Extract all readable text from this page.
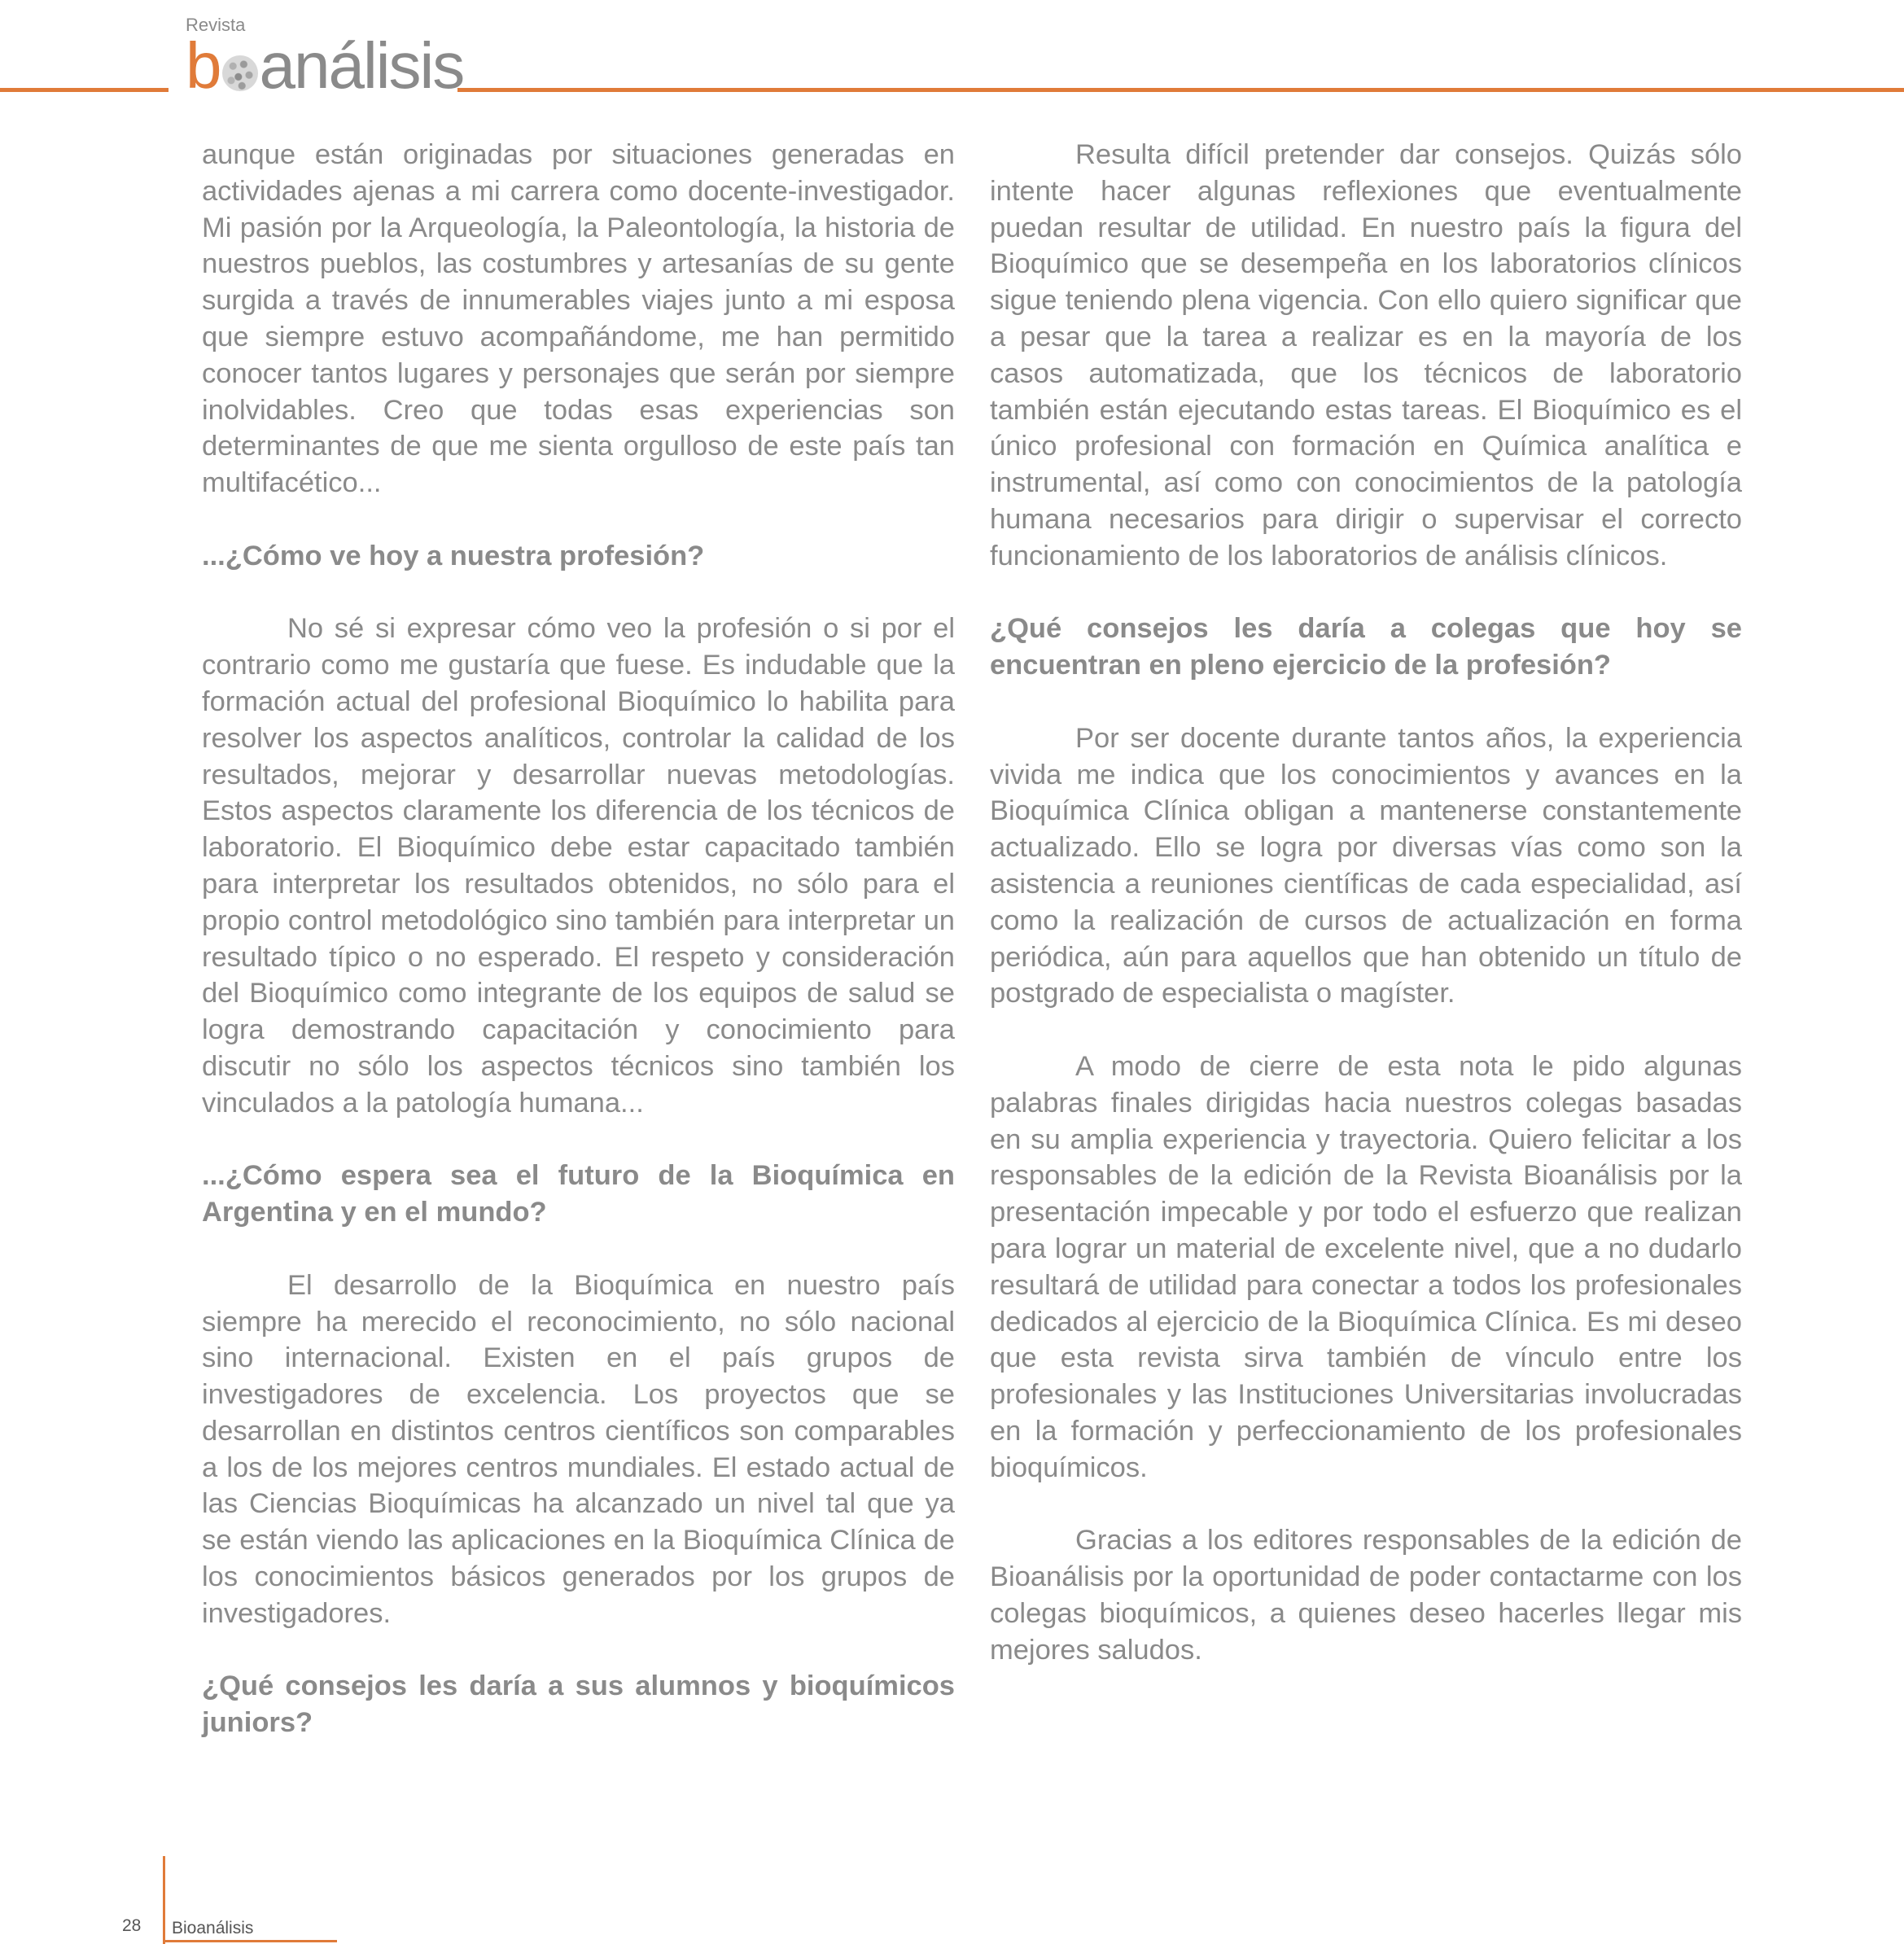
Revista
b análisis

aunque están originadas por situaciones generadas en actividades ajenas a mi carrera como docente-investigador. Mi pasión por la Arqueología, la Paleontología, la historia de nuestros pueblos, las costumbres y artesanías de su gente surgida a través de innumerables viajes junto a mi esposa que siempre estuvo acompañándome, me han permitido conocer tantos lugares y personajes que serán por siempre inolvidables. Creo que todas esas experiencias son determinantes de que me sienta orgulloso de este país tan multifacético...

...¿Cómo ve hoy a nuestra profesión?

No sé si expresar cómo veo la profesión o si por el contrario como me gustaría que fuese. Es indudable que la formación actual del profesional Bioquímico lo habilita para resolver los aspectos analíticos, controlar la calidad de los resultados, mejorar y desarrollar nuevas metodologías. Estos aspectos claramente los diferencia de los técnicos de laboratorio. El Bioquímico debe estar capacitado también para interpretar los resultados obtenidos, no sólo para el propio control metodológico sino también para interpretar un resultado típico o no esperado. El respeto y consideración del Bioquímico como integrante de los equipos de salud se logra demostrando capacitación y conocimiento para discutir no sólo los aspectos técnicos sino también los vinculados a la patología humana...

...¿Cómo espera sea el futuro de la Bioquímica en Argentina y en el mundo?

El desarrollo de la Bioquímica en nuestro país siempre ha merecido el reconocimiento, no sólo nacional sino internacional. Existen en el país grupos de investigadores de excelencia. Los proyectos que se desarrollan en distintos centros científicos son comparables a los de los mejores centros mundiales. El estado actual de las Ciencias Bioquímicas ha alcanzado un nivel tal que ya se están viendo las aplicaciones en la Bioquímica Clínica de los conocimientos básicos generados por los grupos de investigadores.

¿Qué consejos les daría a sus alumnos y bioquímicos juniors?

Resulta difícil pretender dar consejos. Quizás sólo intente hacer algunas reflexiones que eventualmente puedan resultar de utilidad. En nuestro país la figura del Bioquímico que se desempeña en los laboratorios clínicos sigue teniendo plena vigencia. Con ello quiero significar que a pesar que la tarea a realizar es en la mayoría de los casos automatizada, que los técnicos de laboratorio también están ejecutando estas tareas. El Bioquímico es el único profesional con formación en Química analítica e instrumental, así como con conocimientos de la patología humana necesarios para dirigir o supervisar el correcto funcionamiento de los laboratorios de análisis clínicos.

¿Qué consejos les daría a colegas que hoy se encuentran en pleno ejercicio de la profesión?

Por ser docente durante tantos años, la experiencia vivida me indica que los conocimientos y avances en la Bioquímica Clínica obligan a mantenerse constantemente actualizado. Ello se logra por diversas vías como son la asistencia a reuniones científicas de cada especialidad, así como la realización de cursos de actualización en forma periódica, aún para aquellos que han obtenido un título de postgrado de especialista o magíster.

A modo de cierre de esta nota le pido algunas palabras finales dirigidas hacia nuestros colegas basadas en su amplia experiencia y trayectoria. Quiero felicitar a los responsables de la edición de la Revista Bioanálisis por la presentación impecable y por todo el esfuerzo que realizan para lograr un material de excelente nivel, que a no dudarlo resultará de utilidad para conectar a todos los profesionales dedicados al ejercicio de la Bioquímica Clínica. Es mi deseo que esta revista sirva también de vínculo entre los profesionales y las Instituciones Universitarias involucradas en la formación y perfeccionamiento de los profesionales bioquímicos.

Gracias a los editores responsables de la edición de Bioanálisis por la oportunidad de poder contactarme con los colegas bioquímicos, a quienes deseo hacerles llegar mis mejores saludos.

28 Bioanálisis
